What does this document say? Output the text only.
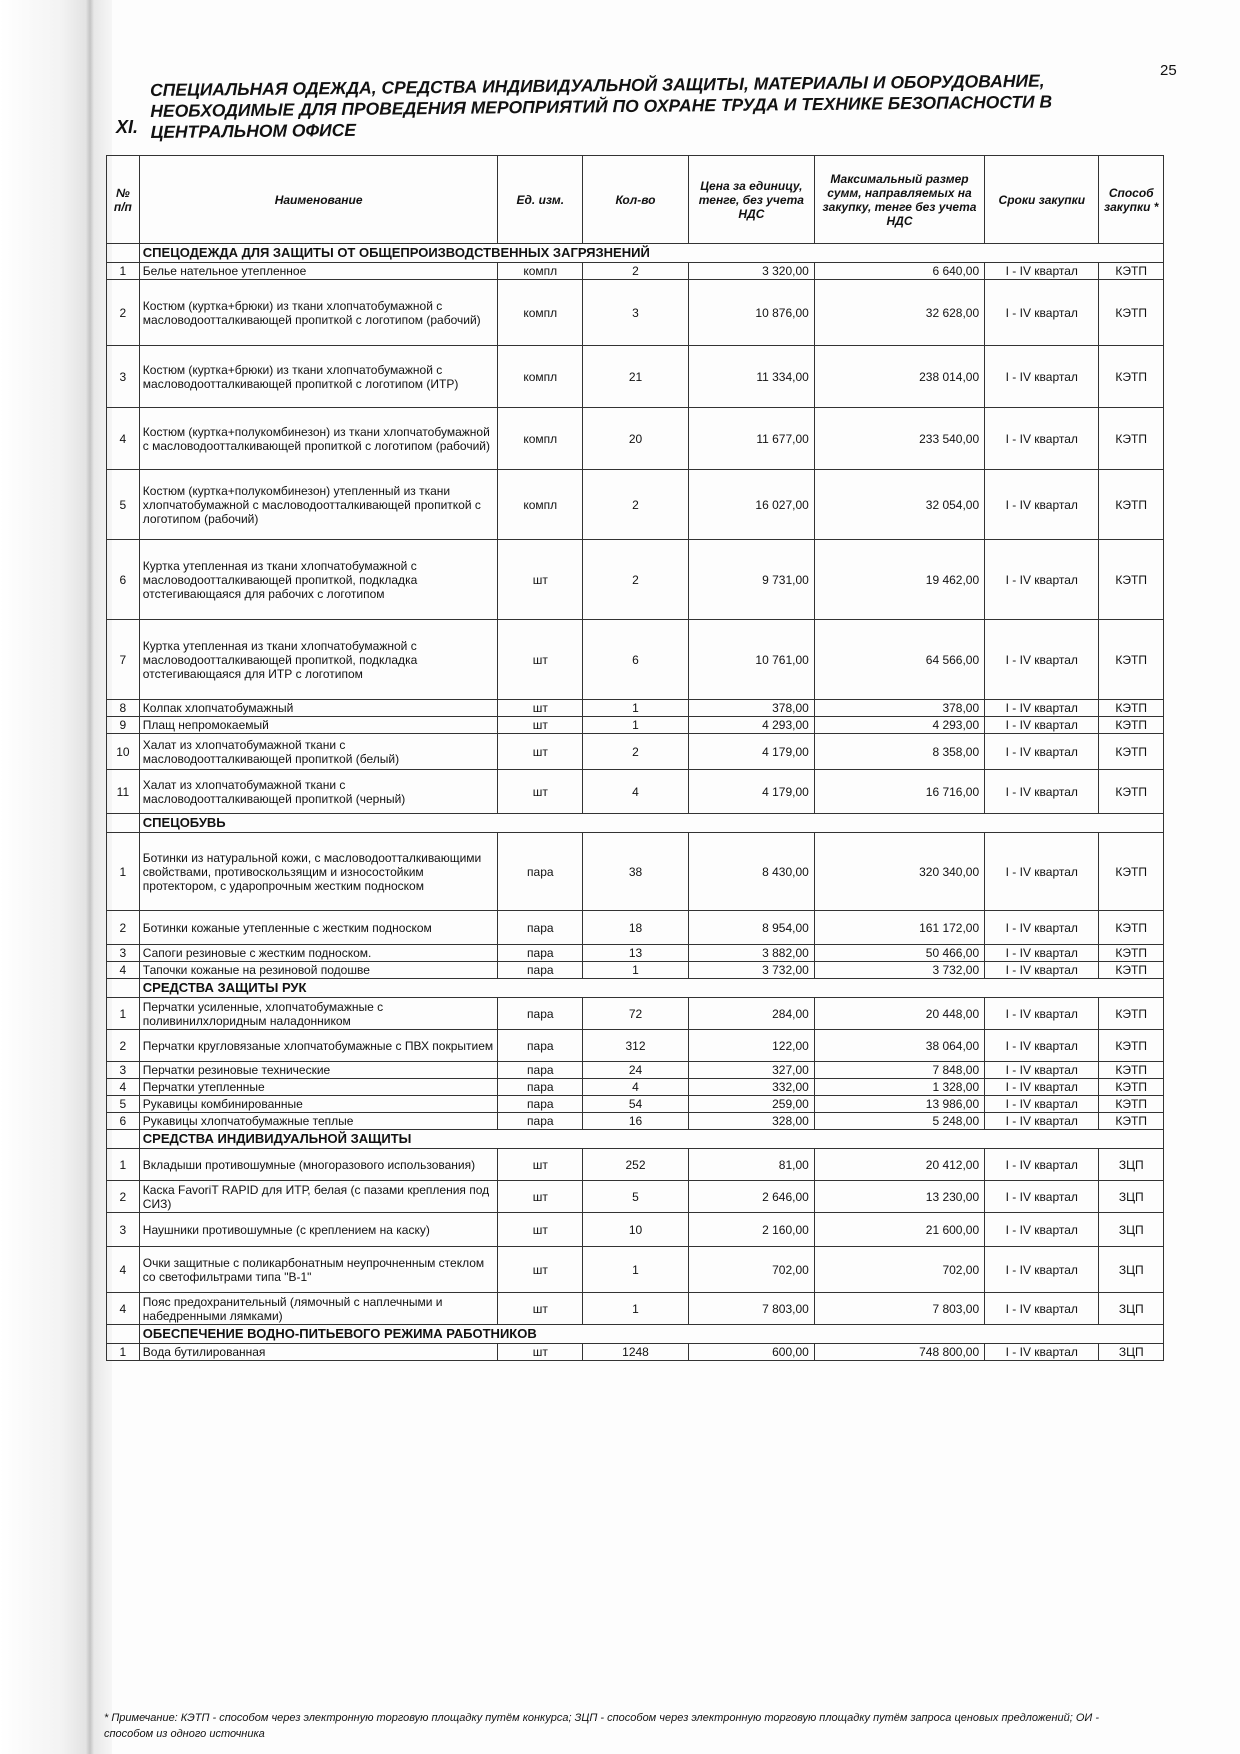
25
XI.
СПЕЦИАЛЬНАЯ ОДЕЖДА, СРЕДСТВА ИНДИВИДУАЛЬНОЙ ЗАЩИТЫ, МАТЕРИАЛЫ И ОБОРУДОВАНИЕ, НЕОБХОДИМЫЕ ДЛЯ ПРОВЕДЕНИЯ МЕРОПРИЯТИЙ ПО ОХРАНЕ ТРУДА И ТЕХНИКЕ БЕЗОПАСНОСТИ В ЦЕНТРАЛЬНОМ ОФИСЕ
№ п/п	Наименование	Ед. изм.	Кол-во	Цена за единицу, тенге, без учета НДС	Максимальный размер сумм, направляемых на закупку, тенге без учета НДС	Сроки закупки	Способ закупки *
	СПЕЦОДЕЖДА ДЛЯ ЗАЩИТЫ ОТ ОБЩЕПРОИЗВОДСТВЕННЫХ ЗАГРЯЗНЕНИЙ						
1	Белье нательное утепленное	компл	2	3 320,00	6 640,00	I - IV квартал	КЭТП
2	Костюм (куртка+брюки) из ткани хлопчатобумажной с масловодоотталкивающей пропиткой с логотипом (рабочий)	компл	3	10 876,00	32 628,00	I - IV квартал	КЭТП
3	Костюм (куртка+брюки) из ткани хлопчатобумажной с масловодоотталкивающей пропиткой с логотипом (ИТР)	компл	21	11 334,00	238 014,00	I - IV квартал	КЭТП
4	Костюм (куртка+полукомбинезон) из ткани хлопчатобумажной с масловодоотталкивающей пропиткой с логотипом (рабочий)	компл	20	11 677,00	233 540,00	I - IV квартал	КЭТП
5	Костюм (куртка+полукомбинезон) утепленный из ткани хлопчатобумажной с масловодоотталкивающей пропиткой с логотипом (рабочий)	компл	2	16 027,00	32 054,00	I - IV квартал	КЭТП
6	Куртка утепленная из ткани хлопчатобумажной с масловодоотталкивающей пропиткой, подкладка отстегивающаяся для рабочих с логотипом	шт	2	9 731,00	19 462,00	I - IV квартал	КЭТП
7	Куртка утепленная из ткани хлопчатобумажной с масловодоотталкивающей пропиткой, подкладка отстегивающаяся для ИТР с логотипом	шт	6	10 761,00	64 566,00	I - IV квартал	КЭТП
8	Колпак хлопчатобумажный	шт	1	378,00	378,00	I - IV квартал	КЭТП
9	Плащ непромокаемый	шт	1	4 293,00	4 293,00	I - IV квартал	КЭТП
10	Халат из хлопчатобумажной ткани с масловодоотталкивающей пропиткой (белый)	шт	2	4 179,00	8 358,00	I - IV квартал	КЭТП
11	Халат из хлопчатобумажной ткани с масловодоотталкивающей пропиткой (черный)	шт	4	4 179,00	16 716,00	I - IV квартал	КЭТП
	СПЕЦОБУВЬ						
1	Ботинки из натуральной кожи, с масловодоотталкивающими свойствами, противоскользящим и износостойким протектором, с ударопрочным жестким подноском	пара	38	8 430,00	320 340,00	I - IV квартал	КЭТП
2	Ботинки кожаные утепленные с жестким подноском	пара	18	8 954,00	161 172,00	I - IV квартал	КЭТП
3	Сапоги резиновые с жестким подноском.	пара	13	3 882,00	50 466,00	I - IV квартал	КЭТП
4	Тапочки кожаные на резиновой подошве	пара	1	3 732,00	3 732,00	I - IV квартал	КЭТП
	СРЕДСТВА ЗАЩИТЫ РУК						
1	Перчатки усиленные, хлопчатобумажные с поливинилхлоридным наладонником	пара	72	284,00	20 448,00	I - IV квартал	КЭТП
2	Перчатки кругловязаные хлопчатобумажные с ПВХ покрытием	пара	312	122,00	38 064,00	I - IV квартал	КЭТП
3	Перчатки резиновые технические	пара	24	327,00	7 848,00	I - IV квартал	КЭТП
4	Перчатки утепленные	пара	4	332,00	1 328,00	I - IV квартал	КЭТП
5	Рукавицы комбинированные	пара	54	259,00	13 986,00	I - IV квартал	КЭТП
6	Рукавицы хлопчатобумажные теплые	пара	16	328,00	5 248,00	I - IV квартал	КЭТП
	СРЕДСТВА ИНДИВИДУАЛЬНОЙ ЗАЩИТЫ						
1	Вкладыши противошумные (многоразового использования)	шт	252	81,00	20 412,00	I - IV квартал	ЗЦП
2	Каска FavoriT RAPID для ИТР, белая (с пазами крепления под СИЗ)	шт	5	2 646,00	13 230,00	I - IV квартал	ЗЦП
3	Наушники противошумные (с креплением на каску)	шт	10	2 160,00	21 600,00	I - IV квартал	ЗЦП
4	Очки защитные с поликарбонатным неупрочненным стеклом со светофильтрами типа "В-1"	шт	1	702,00	702,00	I - IV квартал	ЗЦП
4	Пояс предохранительный (лямочный с наплечными и набедренными лямками)	шт	1	7 803,00	7 803,00	I - IV квартал	ЗЦП
	ОБЕСПЕЧЕНИЕ ВОДНО-ПИТЬЕВОГО РЕЖИМА РАБОТНИКОВ						
1	Вода бутилированная	шт	1248	600,00	748 800,00	I - IV квартал	ЗЦП
* Примечание: КЭТП - способом через электронную торговую площадку путём конкурса; ЗЦП - способом через электронную торговую площадку путём запроса ценовых предложений; ОИ - способом из одного источника
